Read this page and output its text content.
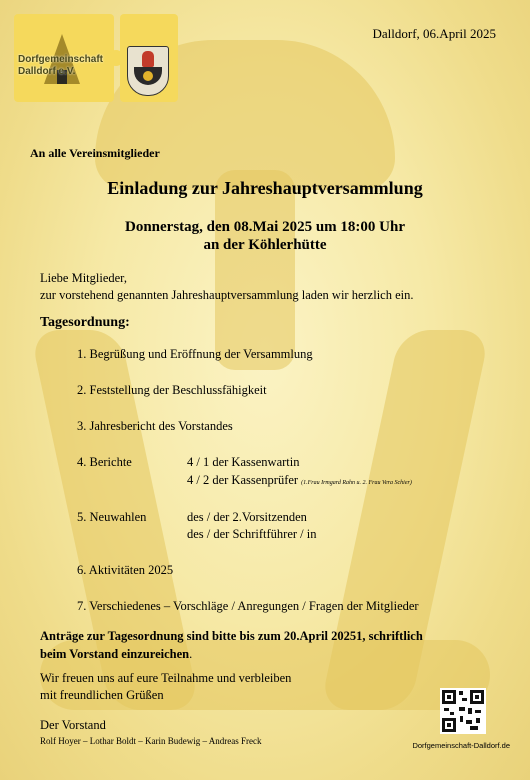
Dorfgemeinschaft
Dalldorf e.V.
Dalldorf, 06.April 2025
An alle Vereinsmitglieder
Einladung zur Jahreshauptversammlung
Donnerstag, den 08.Mai 2025 um 18:00 Uhr
an der Köhlerhütte
Liebe Mitglieder,
zur vorstehend genannten Jahreshauptversammlung laden wir herzlich ein.
Tagesordnung:
1. Begrüßung und Eröffnung der Versammlung
2. Feststellung der Beschlussfähigkeit
3. Jahresbericht des Vorstandes
4. Berichte	4 / 1 der Kassenwartin
4 / 2 der Kassenprüfer (1.Frau Irmgard Rahn u. 2. Frau Vera Schier)
5. Neuwahlen	des / der 2.Vorsitzenden
des / der Schriftführer / in
6. Aktivitäten 2025
7. Verschiedenes – Vorschläge / Anregungen / Fragen der Mitglieder
Anträge zur Tagesordnung sind bitte bis zum 20.April 20251, schriftlich
beim Vorstand einzureichen.
Wir freuen uns auf eure Teilnahme und verbleiben
mit freundlichen Grüßen
Der Vorstand
Rolf Hoyer – Lothar Boldt – Karin Budewig – Andreas Freck	Dorfgemeinschaft-Dalldorf.de
